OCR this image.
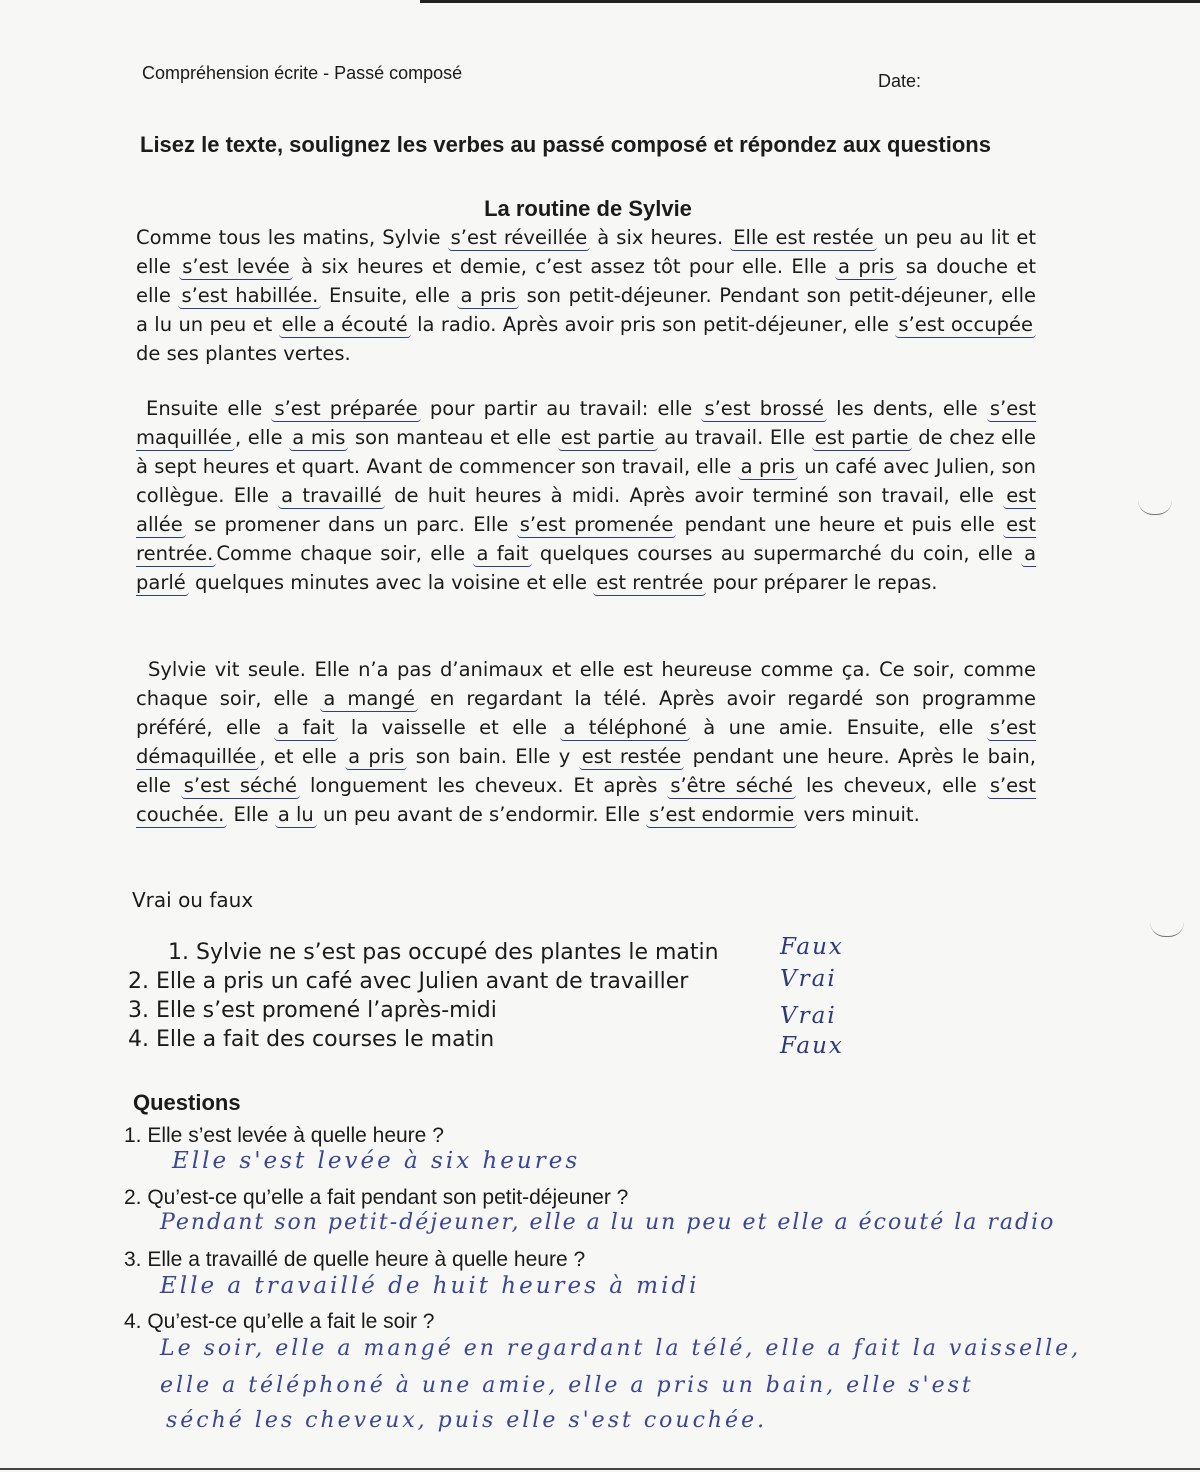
Compréhension écrite - Passé composé	Date:
Lisez le texte, soulignez les verbes au passé composé et répondez aux questions
La routine de Sylvie

Comme tous les matins, Sylvie s’est réveillée à six heures. Elle est restée un peu au lit et elle s’est levée à six heures et demie, c’est assez tôt pour elle. Elle a pris sa douche et elle s’est habillée. Ensuite, elle a pris son petit-déjeuner. Pendant son petit-déjeuner, elle a lu un peu et elle a écouté la radio. Après avoir pris son petit-déjeuner, elle s’est occupée de ses plantes vertes.

Ensuite elle s’est préparée pour partir au travail: elle s’est brossé les dents, elle s’est maquillée , elle a mis son manteau et elle est partie au travail. Elle est partie de chez elle à sept heures et quart. Avant de commencer son travail, elle a pris un café avec Julien, son collègue. Elle a travaillé de huit heures à midi. Après avoir terminé son travail, elle est allée se promener dans un parc. Elle s’est promenée pendant une heure et puis elle est rentrée. Comme chaque soir, elle a fait quelques courses au supermarché du coin, elle a parlé quelques minutes avec la voisine et elle est rentrée pour préparer le repas.

Sylvie vit seule. Elle n’a pas d’animaux et elle est heureuse comme ça. Ce soir, comme chaque soir, elle a mangé en regardant la télé. Après avoir regardé son programme préféré, elle a fait la vaisselle et elle a téléphoné à une amie. Ensuite, elle s’est démaquillée , et elle a pris son bain. Elle y est restée pendant une heure. Après le bain, elle s’est séché longuement les cheveux. Et après s’être séché les cheveux, elle s’est couchée. Elle a lu un peu avant de s’endormir. Elle s’est endormie vers minuit.

Vrai ou faux
1. Sylvie ne s’est pas occupé des plantes le matin
2. Elle a pris un café avec Julien avant de travailler
3. Elle s’est promené l’après-midi
4. Elle a fait des courses le matin
Faux
Vrai
Vrai
Faux
Questions
1. Elle s’est levée à quelle heure ?
Elle s'est levée à six heures
2. Qu’est-ce qu’elle a fait pendant son petit-déjeuner ?
Pendant son petit-déjeuner, elle a lu un peu et elle a écouté la radio
3. Elle a travaillé de quelle heure à quelle heure ?
Elle a travaillé de huit heures à midi
4. Qu’est-ce qu’elle a fait le soir ?
Le soir, elle a mangé en regardant la télé, elle a fait la vaisselle,
elle a téléphoné à une amie, elle a pris un bain, elle s'est
séché les cheveux, puis elle s'est couchée.
